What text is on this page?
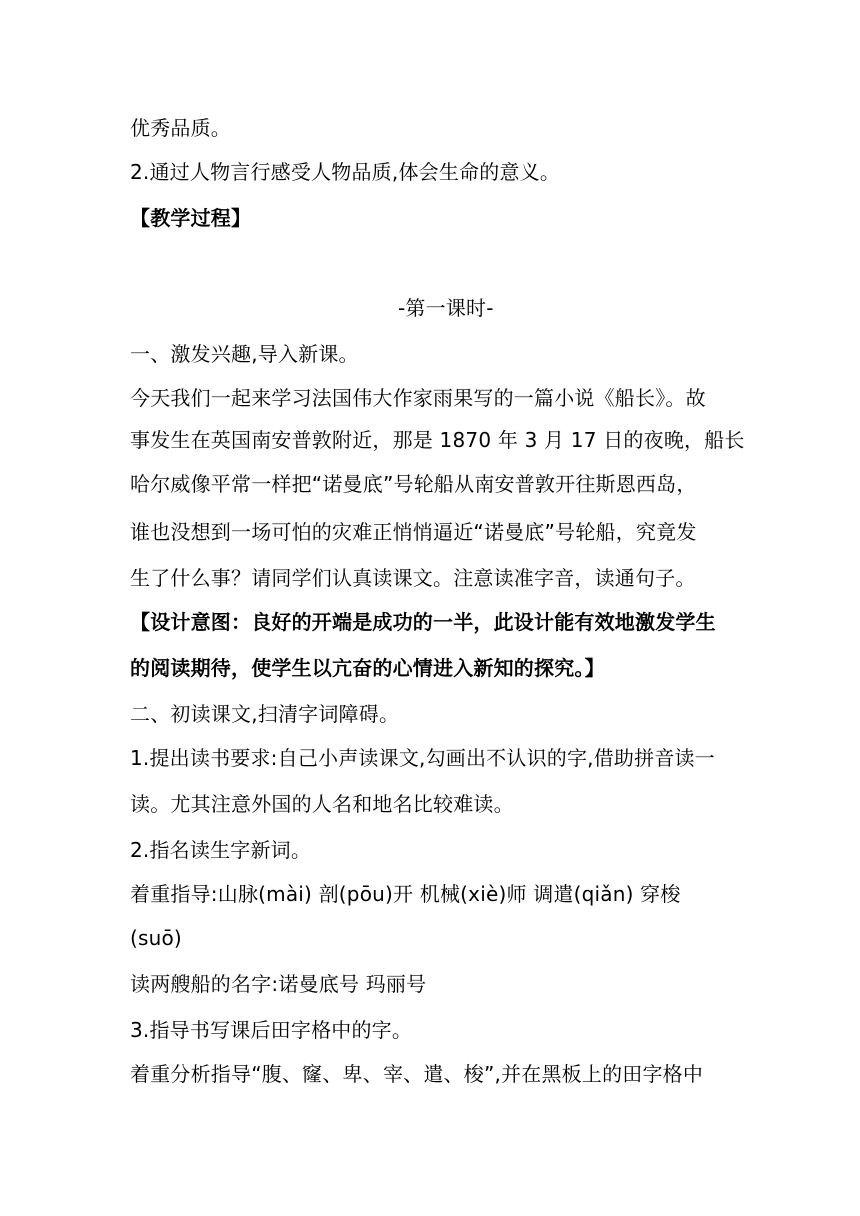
优秀品质。
2.通过人物言行感受人物品质,体会生命的意义。
【教学过程】
-第一课时-
一、激发兴趣,导入新课。
今天我们一起来学习法国伟大作家雨果写的一篇小说《船长》。故
事发生在英国南安普敦附近，那是 1870 年 3 月 17 日的夜晚，船长
哈尔威像平常一样把“诺曼底”号轮船从南安普敦开往斯恩西岛，
谁也没想到一场可怕的灾难正悄悄逼近“诺曼底”号轮船，究竟发
生了什么事？请同学们认真读课文。注意读准字音，读通句子。
【设计意图：良好的开端是成功的一半，此设计能有效地激发学生
的阅读期待，使学生以亢奋的心情进入新知的探究。】
二、初读课文,扫清字词障碍。
1.提出读书要求:自己小声读课文,勾画出不认识的字,借助拼音读一
读。尤其注意外国的人名和地名比较难读。
2.指名读生字新词。
着重指导:山脉(mài) 剖(pōu)开 机械(xiè)师 调遣(qiǎn) 穿梭
(suō)
读两艘船的名字:诺曼底号 玛丽号
3.指导书写课后田字格中的字。
着重分析指导“腹、窿、卑、宰、遣、梭”,并在黑板上的田字格中
